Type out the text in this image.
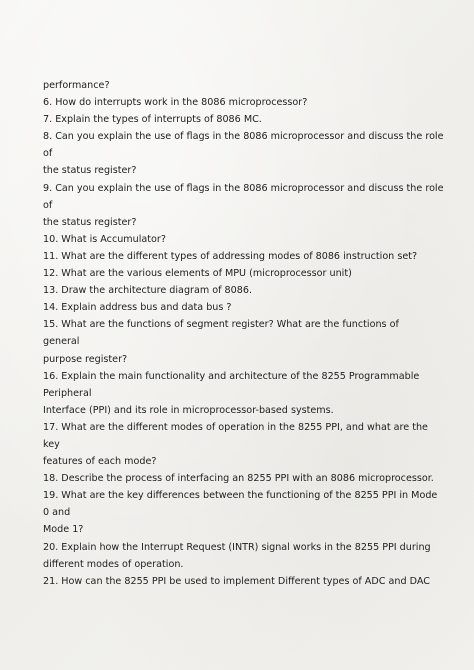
performance?
6. How do interrupts work in the 8086 microprocessor?
7. Explain the types of interrupts of 8086 MC.
8. Can you explain the use of flags in the 8086 microprocessor and discuss the role
of
the status register?
9. Can you explain the use of flags in the 8086 microprocessor and discuss the role
of
the status register?
10. What is Accumulator?
11. What are the different types of addressing modes of 8086 instruction set?
12. What are the various elements of MPU (microprocessor unit)
13. Draw the architecture diagram of 8086.
14. Explain address bus and data bus ?
15. What are the functions of segment register? What are the functions of
general
purpose register?
16. Explain the main functionality and architecture of the 8255 Programmable
Peripheral
Interface (PPI) and its role in microprocessor-based systems.
17. What are the different modes of operation in the 8255 PPI, and what are the
key
features of each mode?
18. Describe the process of interfacing an 8255 PPI with an 8086 microprocessor.
19. What are the key differences between the functioning of the 8255 PPI in Mode
0 and
Mode 1?
20. Explain how the Interrupt Request (INTR) signal works in the 8255 PPI during
different modes of operation.
21. How can the 8255 PPI be used to implement Different types of ADC and DAC
